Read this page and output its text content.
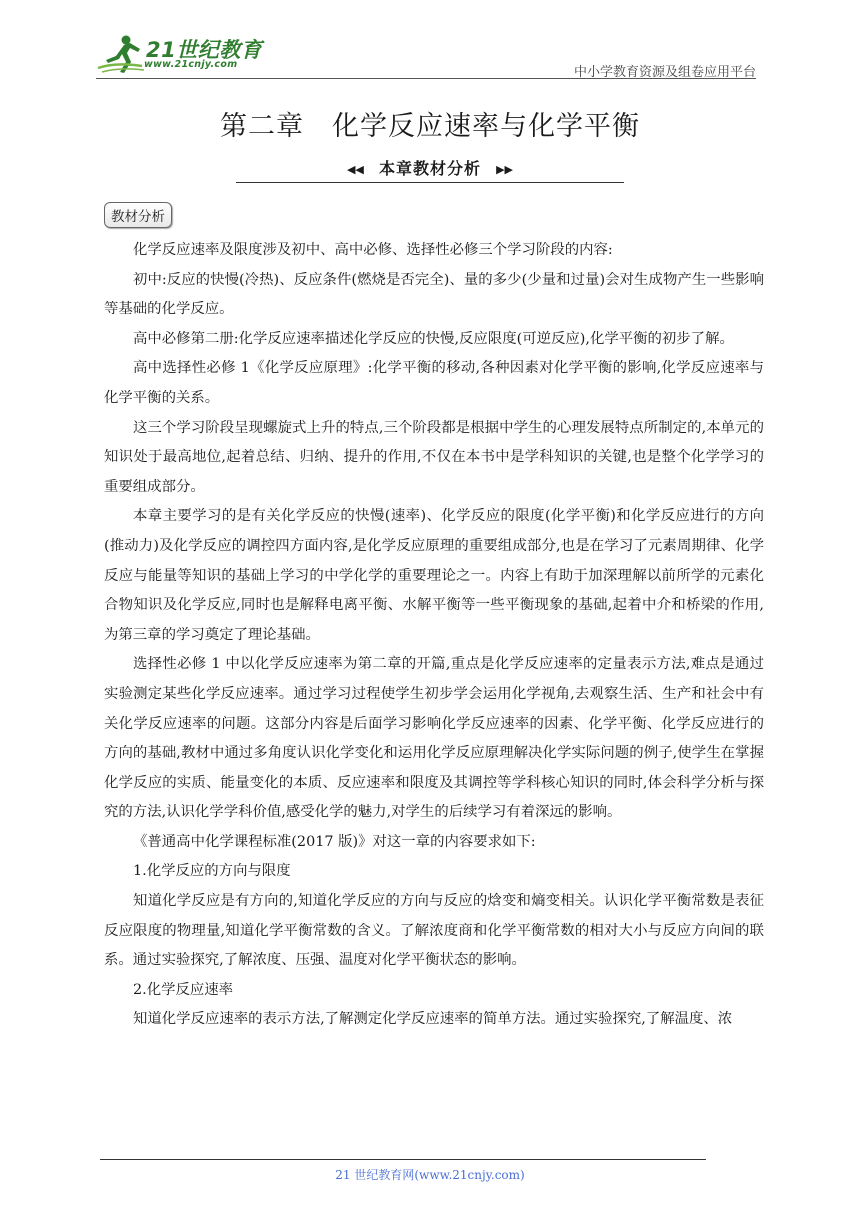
21世纪教育
www.21cnjy.com
中小学教育资源及组卷应用平台
第二章　化学反应速率与化学平衡
◀◀ 本章教材分析 ▶▶
教材分析

化学反应速率及限度涉及初中、高中必修、选择性必修三个学习阶段的内容:

初中:反应的快慢(冷热)、反应条件(燃烧是否完全)、量的多少(少量和过量)会对生成物产生一些影响等基础的化学反应。

高中必修第二册:化学反应速率描述化学反应的快慢,反应限度(可逆反应),化学平衡的初步了解。

高中选择性必修 1《化学反应原理》:化学平衡的移动,各种因素对化学平衡的影响,化学反应速率与化学平衡的关系。

这三个学习阶段呈现螺旋式上升的特点,三个阶段都是根据中学生的心理发展特点所制定的,本单元的知识处于最高地位,起着总结、归纳、提升的作用,不仅在本书中是学科知识的关键,也是整个化学学习的重要组成部分。

本章主要学习的是有关化学反应的快慢(速率)、化学反应的限度(化学平衡)和化学反应进行的方向(推动力)及化学反应的调控四方面内容,是化学反应原理的重要组成部分,也是在学习了元素周期律、化学反应与能量等知识的基础上学习的中学化学的重要理论之一。内容上有助于加深理解以前所学的元素化合物知识及化学反应,同时也是解释电离平衡、水解平衡等一些平衡现象的基础,起着中介和桥梁的作用,为第三章的学习奠定了理论基础。

选择性必修 1 中以化学反应速率为第二章的开篇,重点是化学反应速率的定量表示方法,难点是通过实验测定某些化学反应速率。通过学习过程使学生初步学会运用化学视角,去观察生活、生产和社会中有关化学反应速率的问题。这部分内容是后面学习影响化学反应速率的因素、化学平衡、化学反应进行的方向的基础,教材中通过多角度认识化学变化和运用化学反应原理解决化学实际问题的例子,使学生在掌握化学反应的实质、能量变化的本质、反应速率和限度及其调控等学科核心知识的同时,体会科学分析与探究的方法,认识化学学科价值,感受化学的魅力,对学生的后续学习有着深远的影响。

《普通高中化学课程标准(2017 版)》对这一章的内容要求如下:

1.化学反应的方向与限度

知道化学反应是有方向的,知道化学反应的方向与反应的焓变和熵变相关。认识化学平衡常数是表征反应限度的物理量,知道化学平衡常数的含义。了解浓度商和化学平衡常数的相对大小与反应方向间的联系。通过实验探究,了解浓度、压强、温度对化学平衡状态的影响。

2.化学反应速率

知道化学反应速率的表示方法,了解测定化学反应速率的简单方法。通过实验探究,了解温度、浓

21 世纪教育网(www.21cnjy.com)
